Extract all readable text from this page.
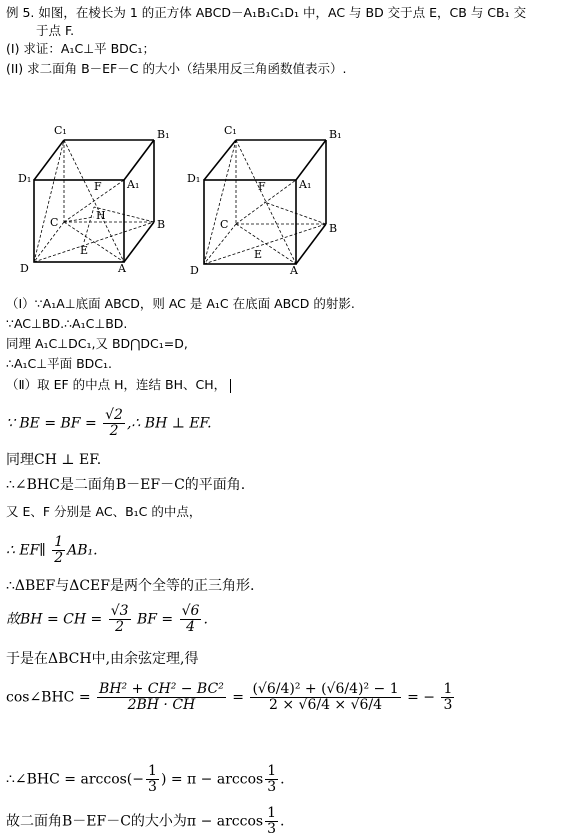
例 5. 如图，在棱长为 1 的正方体 ABCD－A₁B₁C₁D₁ 中，AC 与 BD 交于点 E，CB 与 CB₁ 交
于点 F.
(I) 求证：A₁C⊥平 BDC₁；
(II) 求二面角 B－EF－C 的大小（结果用反三角函数值表示）.
C₁	B₁
D₁	A₁
F
C
H
B
E
D	A
C₁	B₁
D₁	A₁
F
C	B
E
D	A
（Ⅰ）∵A₁A⊥底面 ABCD，则 AC 是 A₁C 在底面 ABCD 的射影.
∵AC⊥BD.∴A₁C⊥BD.
同理 A₁C⊥DC₁,又 BD⋂DC₁=D,
∴A₁C⊥平面 BDC₁.
（Ⅱ）取 EF 的中点 H，连结 BH、CH，
∵ BE = BF = $\frac{√2}{2}$ ,∴ BH ⊥ EF.
同理CH ⊥ EF.
∴∠BHC是二面角B－EF－C的平面角.
又 E、F 分别是 AC、B₁C 的中点，
∴ EF∥ $\frac{1}{2} AB_1$.
∴ΔBEF与ΔCEF是两个全等的正三角形.
故BH = CH = $\frac{√3}{2}$ BF = $\frac{√6}{4}$ .
于是在ΔBCH中,由余弦定理,得
cos∠BHC = $\frac{\text{BH² + CH² − BC²}}{2BH \cdot CH} = \frac{\text{(√6/4)² + (√6/4)² − 1}}{2 \times √6/4 \times √6/4}$ = − $\frac{1}{3}$
∴∠BHC = $\arccos(- \frac{1}{3}$ ) = $\pi - \arccos \frac{1}{3}$ .
故二面角B－EF－C的大小为$\pi - \arccos \frac{1}{3}$ .
